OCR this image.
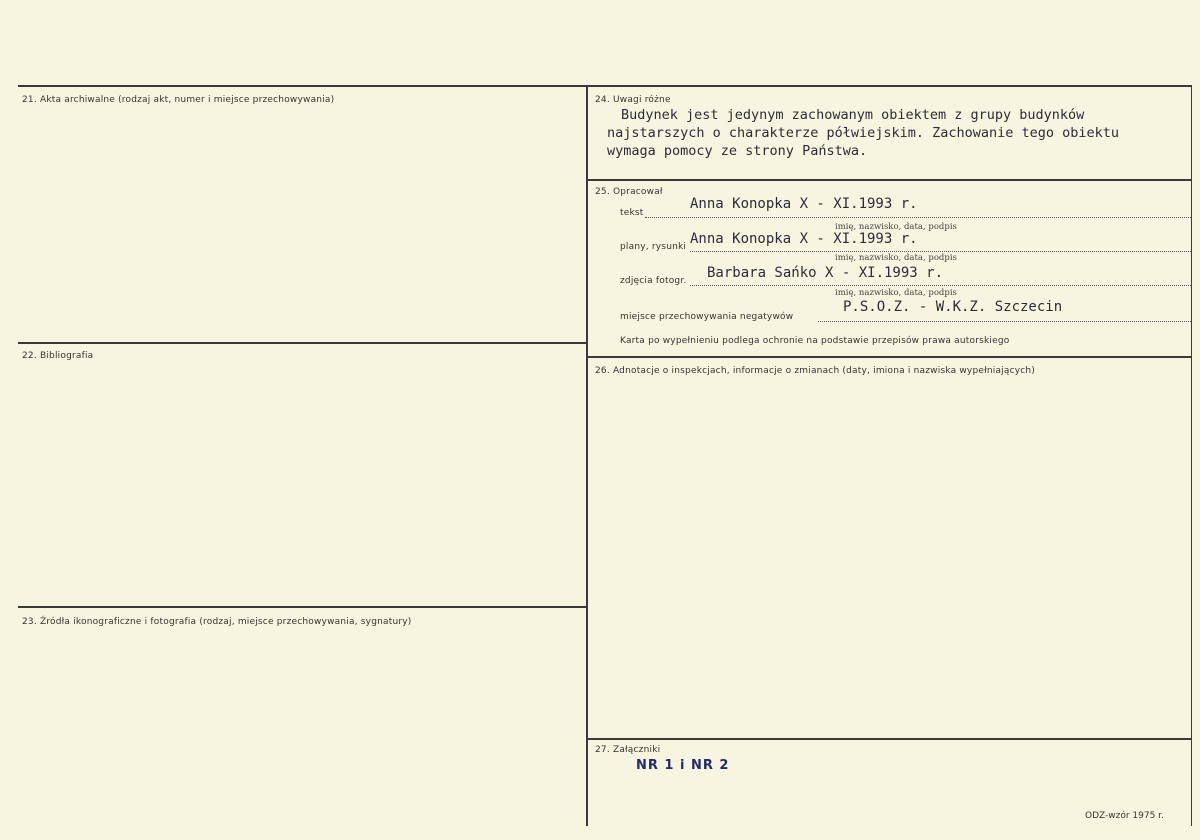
21. Akta archiwalne (rodzaj akt, numer i miejsce przechowywania)
22. Bibliografia
23. Źródła ikonograficzne i fotografia (rodzaj, miejsce przechowywania, sygnatury)
24. Uwagi różne
Budynek jest jedynym zachowanym obiektem z grupy budynków
najstarszych o charakterze półwiejskim. Zachowanie tego obiektu
wymaga pomocy ze strony Państwa.
25. Opracował
tekst
Anna Konopka X - XI.1993 r.
imię, nazwisko, data, podpis
plany, rysunki Anna Konopka X - XI.1993 r.
imię, nazwisko, data, podpis
zdjęcia fotogr. Barbara Sańko X - XI.1993 r.
imię, nazwisko, data, podpis
miejsce przechowywania negatywów
P.S.O.Z. - W.K.Z. Szczecin
Karta po wypełnieniu podlega ochronie na podstawie przepisów prawa autorskiego
26. Adnotacje o inspekcjach, informacje o zmianach (daty, imiona i nazwiska wypełniających)
27. Załączniki
NR 1 i NR 2
ODZ-wzór 1975 r.
